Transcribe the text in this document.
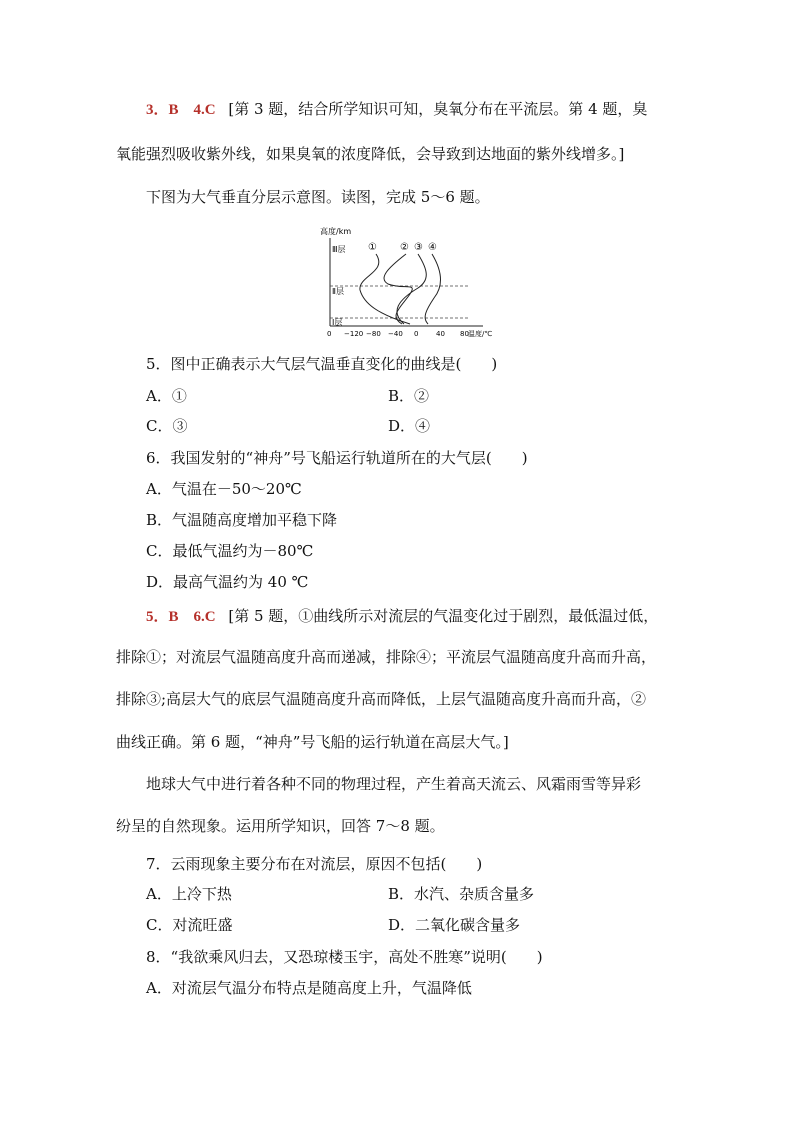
3．B　4.C [第 3 题，结合所学知识可知，臭氧分布在平流层。第 4 题，臭
氧能强烈吸收紫外线，如果臭氧的浓度降低，会导致到达地面的紫外线增多。]
下图为大气垂直分层示意图。读图，完成 5～6 题。
高度/km
Ⅲ层
Ⅱ层
Ⅰ层
① ② ③ ④
0 −120 −80 −40 0	40 80 温度/℃
5．图中正确表示大气层气温垂直变化的曲线是(　　)
A．①	B．②
C．③	D．④
6．我国发射的“神舟”号飞船运行轨道所在的大气层(　　)
A．气温在－50～20℃
B．气温随高度增加平稳下降
C．最低气温约为－80℃
D．最高气温约为 40 ℃
5．B　6.C [第 5 题，①曲线所示对流层的气温变化过于剧烈，最低温过低，
排除①；对流层气温随高度升高而递减，排除④；平流层气温随高度升高而升高，
排除③;高层大气的底层气温随高度升高而降低，上层气温随高度升高而升高，②
曲线正确。第 6 题，“神舟”号飞船的运行轨道在高层大气。]
地球大气中进行着各种不同的物理过程，产生着高天流云、风霜雨雪等异彩
纷呈的自然现象。运用所学知识，回答 7～8 题。
7．云雨现象主要分布在对流层，原因不包括(　　)
A．上冷下热	B．水汽、杂质含量多
C．对流旺盛	D．二氧化碳含量多
8．“我欲乘风归去，又恐琼楼玉宇，高处不胜寒”说明(　　)
A．对流层气温分布特点是随高度上升，气温降低
